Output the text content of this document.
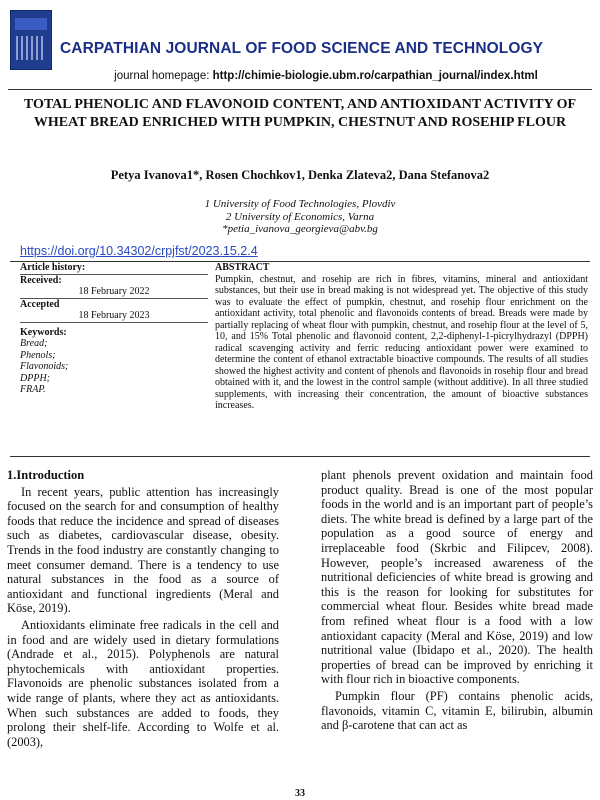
CARPATHIAN JOURNAL OF FOOD SCIENCE AND TECHNOLOGY
journal homepage: http://chimie-biologie.ubm.ro/carpathian_journal/index.html
TOTAL PHENOLIC AND FLAVONOID CONTENT, AND ANTIOXIDANT ACTIVITY OF WHEAT BREAD ENRICHED WITH PUMPKIN, CHESTNUT AND ROSEHIP FLOUR
Petya Ivanova1*, Rosen Chochkov1, Denka Zlateva2, Dana Stefanova2
1 University of Food Technologies, Plovdiv
2 University of Economics, Varna
*petia_ivanova_georgieva@abv.bg
https://doi.org/10.34302/crpjfst/2023.15.2.4
Article history:
Received:
18 February 2022
Accepted
18 February 2023
Keywords:
Bread;
Phenols;
Flavonoids;
DPPH;
FRAP.
ABSTRACT
Pumpkin, chestnut, and rosehip are rich in fibres, vitamins, mineral and antioxidant substances, but their use in bread making is not widespread yet. The objective of this study was to evaluate the effect of pumpkin, chestnut, and rosehip flour enrichment on the antioxidant activity, total phenolic and flavonoids contents of bread. Breads were made by partially replacing of wheat flour with pumpkin, chestnut, and rosehip flour at the level of 5, 10, and 15% Total phenolic and flavonoid content, 2,2-diphenyl-1-picrylhydrazyl (DPPH) radical scavenging activity and ferric reducing antioxidant power were examined to determine the content of ethanol extractable bioactive compounds. The results of all studies showed the highest activity and content of phenols and flavonoids in rosehip flour and bread obtained with it, and the lowest in the control sample (without additive). In all three studied supplements, with increasing their concentration, the amount of bioactive substances increases.

1.Introduction

In recent years, public attention has increasingly focused on the search for and consumption of healthy foods that reduce the incidence and spread of diseases such as diabetes, cardiovascular disease, obesity. Trends in the food industry are constantly changing to meet consumer demand. There is a tendency to use natural substances in the food as a source of antioxidant and functional ingredients (Meral and Köse, 2019).

Antioxidants eliminate free radicals in the cell and in food and are widely used in dietary formulations (Andrade et al., 2015). Polyphenols are natural phytochemicals with antioxidant properties. Flavonoids are phenolic substances isolated from a wide range of plants, where they act as antioxidants. When such substances are added to foods, they prolong their shelf-life. According to Wolfe et al. (2003),

plant phenols prevent oxidation and maintain food product quality. Bread is one of the most popular foods in the world and is an important part of people’s diets. The white bread is defined by a large part of the population as a good source of energy and irreplaceable food (Skrbic and Filipcev, 2008). However, people’s increased awareness of the nutritional deficiencies of white bread is growing and this is the reason for looking for substitutes for commercial wheat flour. Besides white bread made from refined wheat flour is a food with a low antioxidant capacity (Meral and Köse, 2019) and low nutritional value (Ibidapo et al., 2020). The health properties of bread can be improved by enriching it with flour rich in bioactive components.

Pumpkin flour (PF) contains phenolic acids, flavonoids, vitamin C, vitamin E, bilirubin, albumin and β-carotene that can act as

33
